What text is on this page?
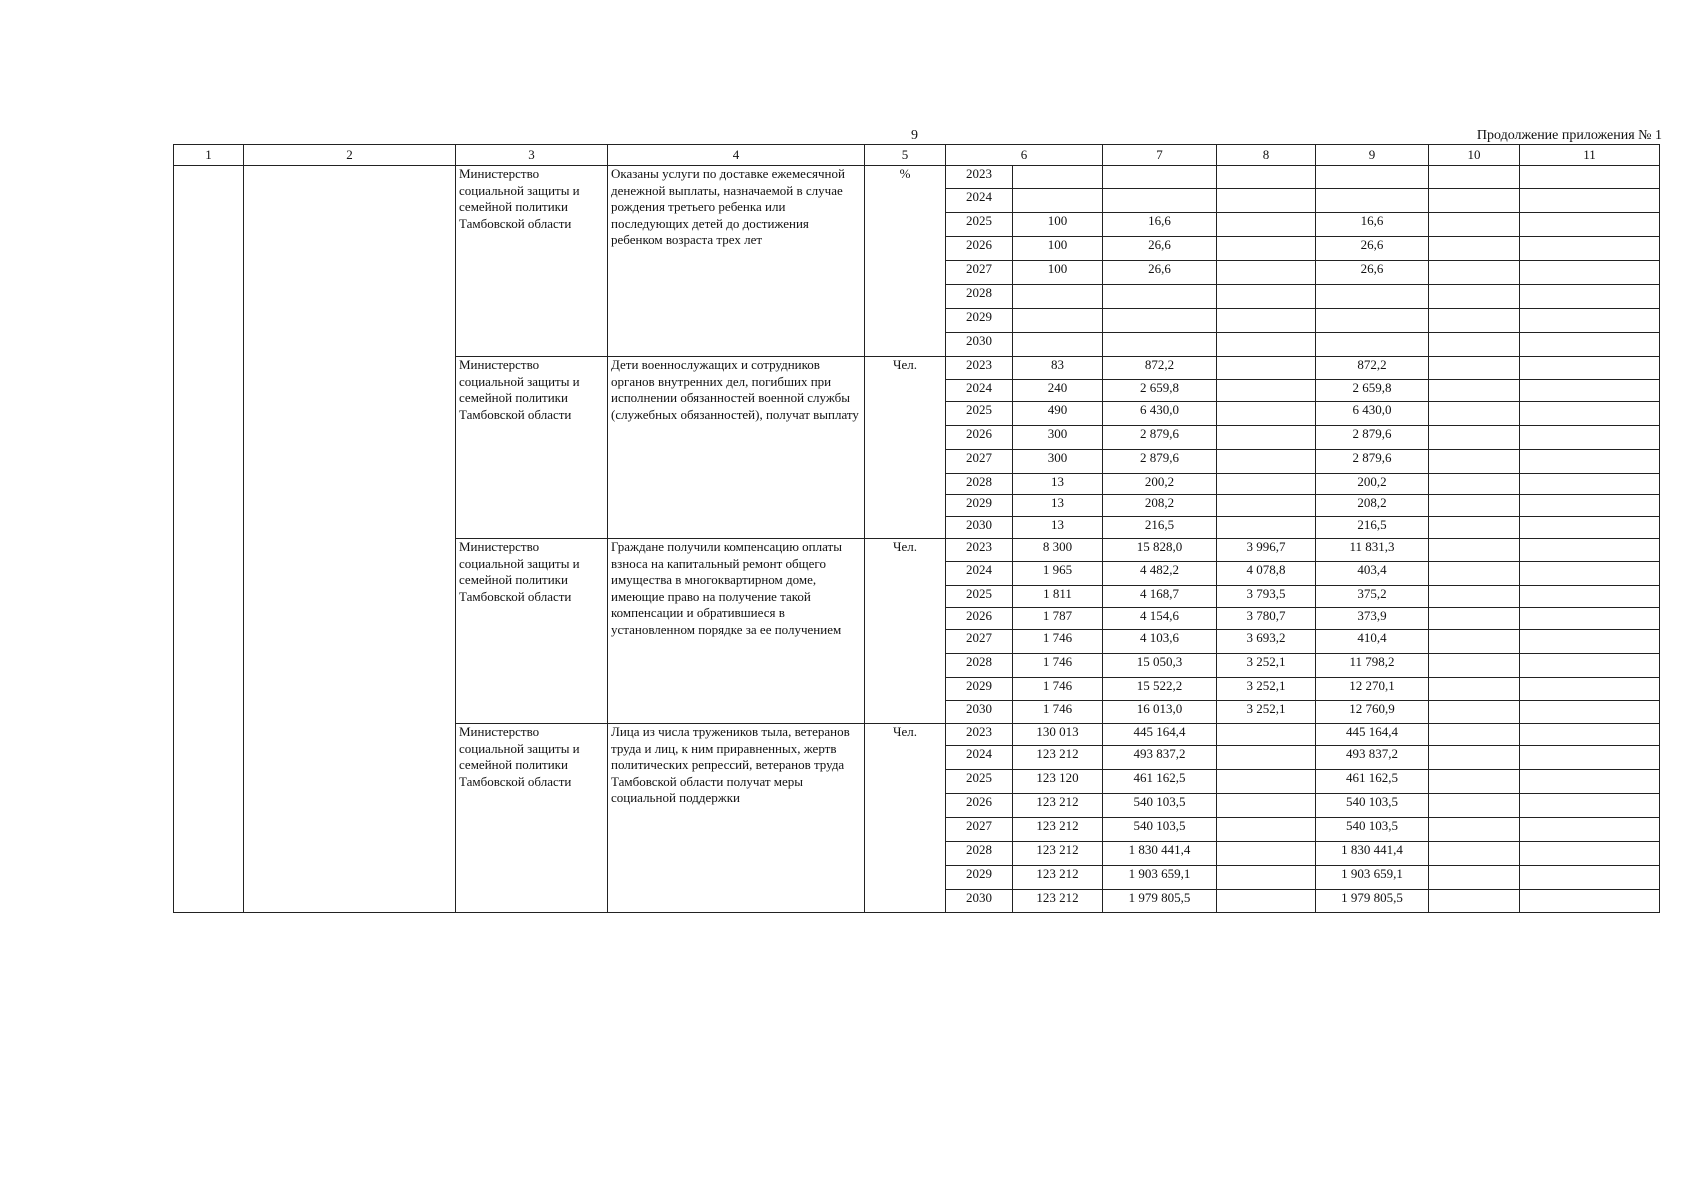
9	Продолжение приложения № 1
1	2	3	4	5	6		7	8	9	10	11
		Министерство социальной защиты и семейной политики Тамбовской области	Оказаны услуги по доставке ежемесячной денежной выплаты, назначаемой в случае рождения третьего ребенка или последующих детей до достижения ребенком возраста трех лет	%	2023						
					2024						
					2025	100	16,6		16,6		
					2026	100	26,6		26,6		
					2027	100	26,6		26,6		
					2028						
					2029						
					2030						
		Министерство социальной защиты и семейной политики Тамбовской области	Дети военнослужащих и сотрудников органов внутренних дел, погибших при исполнении обязанностей военной службы (служебных обязанностей), получат выплату	Чел.	2023	83	872,2		872,2		
					2024	240	2 659,8		2 659,8		
					2025	490	6 430,0		6 430,0		
					2026	300	2 879,6		2 879,6		
					2027	300	2 879,6		2 879,6		
					2028	13	200,2		200,2		
					2029	13	208,2		208,2		
					2030	13	216,5		216,5		
		Министерство социальной защиты и семейной политики Тамбовской области	Граждане получили компенсацию оплаты взноса на капитальный ремонт общего имущества в многоквартирном доме, имеющие право на получение такой компенсации и обратившиеся в установленном порядке за ее получением	Чел.	2023	8 300	15 828,0	3 996,7	11 831,3		
					2024	1 965	4 482,2	4 078,8	403,4		
					2025	1 811	4 168,7	3 793,5	375,2		
					2026	1 787	4 154,6	3 780,7	373,9		
					2027	1 746	4 103,6	3 693,2	410,4		
					2028	1 746	15 050,3	3 252,1	11 798,2		
					2029	1 746	15 522,2	3 252,1	12 270,1		
					2030	1 746	16 013,0	3 252,1	12 760,9		
		Министерство социальной защиты и семейной политики Тамбовской области	Лица из числа тружеников тыла, ветеранов труда и лиц, к ним приравненных, жертв политических репрессий, ветеранов труда Тамбовской области получат меры социальной поддержки	Чел.	2023	130 013	445 164,4		445 164,4		
					2024	123 212	493 837,2		493 837,2		
					2025	123 120	461 162,5		461 162,5		
					2026	123 212	540 103,5		540 103,5		
					2027	123 212	540 103,5		540 103,5		
					2028	123 212	1 830 441,4		1 830 441,4		
					2029	123 212	1 903 659,1		1 903 659,1		
					2030	123 212	1 979 805,5		1 979 805,5		
